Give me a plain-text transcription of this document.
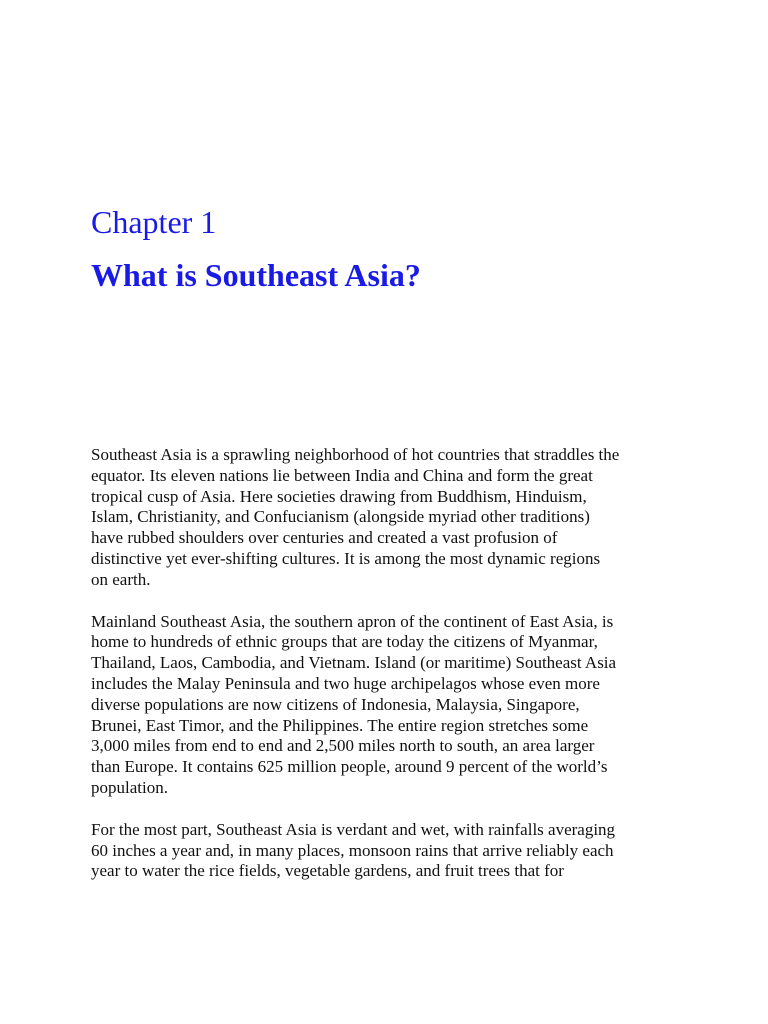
Chapter 1
What is Southeast Asia?

Southeast Asia is a sprawling neighborhood of hot countries that straddles the
equator. Its eleven nations lie between India and China and form the great
tropical cusp of Asia. Here societies drawing from Buddhism, Hinduism,
Islam, Christianity, and Confucianism (alongside myriad other traditions)
have rubbed shoulders over centuries and created a vast profusion of
distinctive yet ever-shifting cultures. It is among the most dynamic regions
on earth.

Mainland Southeast Asia, the southern apron of the continent of East Asia, is
home to hundreds of ethnic groups that are today the citizens of Myanmar,
Thailand, Laos, Cambodia, and Vietnam. Island (or maritime) Southeast Asia
includes the Malay Peninsula and two huge archipelagos whose even more
diverse populations are now citizens of Indonesia, Malaysia, Singapore,
Brunei, East Timor, and the Philippines. The entire region stretches some
3,000 miles from end to end and 2,500 miles north to south, an area larger
than Europe. It contains 625 million people, around 9 percent of the world’s
population.

For the most part, Southeast Asia is verdant and wet, with rainfalls averaging
60 inches a year and, in many places, monsoon rains that arrive reliably each
year to water the rice fields, vegetable gardens, and fruit trees that for
